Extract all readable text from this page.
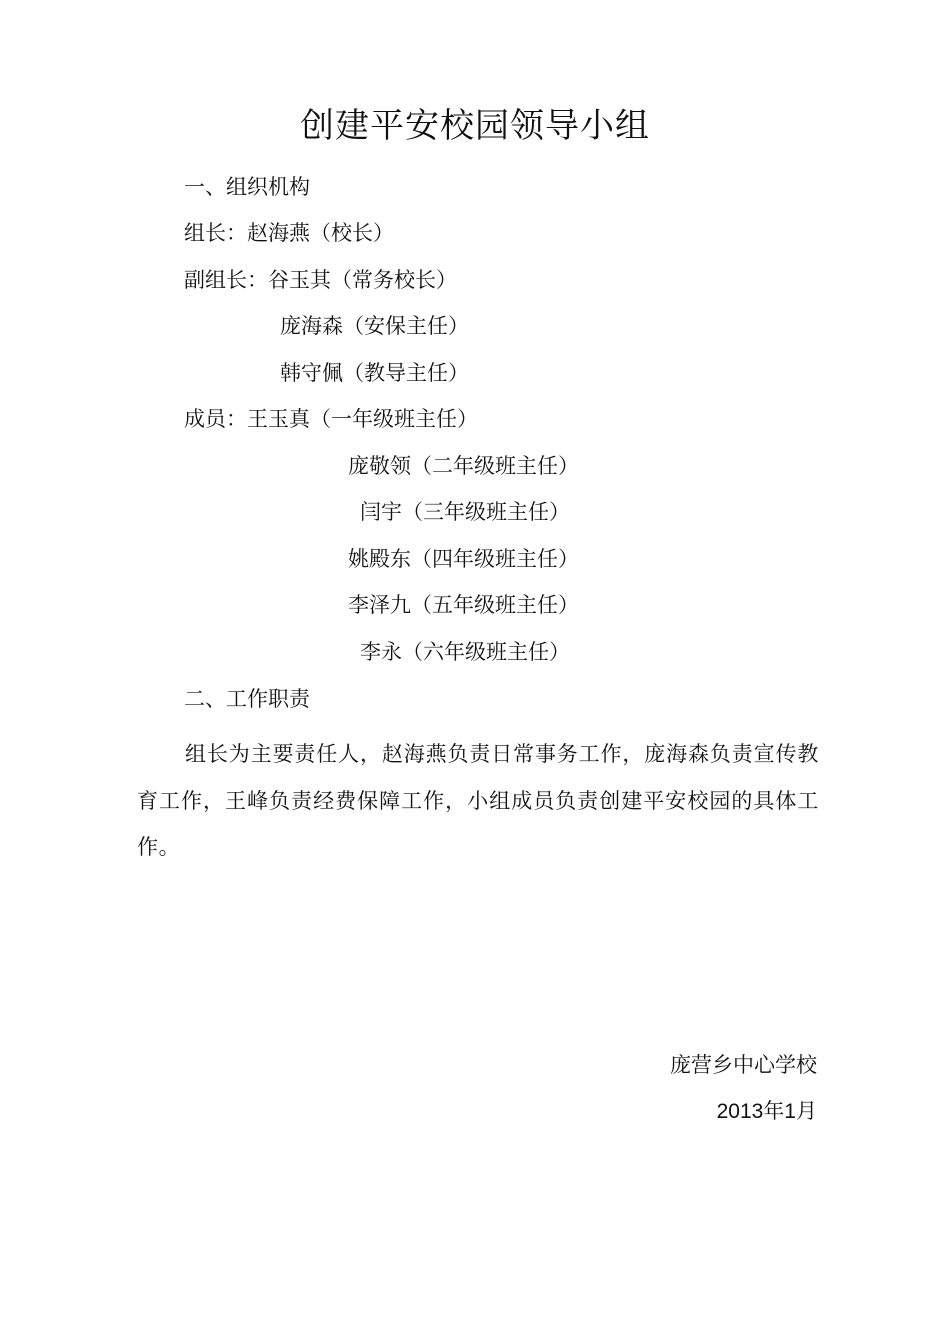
创建平安校园领导小组
一、组织机构
组长：赵海燕（校长）
副组长：谷玉其（常务校长）
庞海森（安保主任）
韩守佩（教导主任）
成员：王玉真（一年级班主任）
庞敬领（二年级班主任）
闫宇（三年级班主任）
姚殿东（四年级班主任）
李泽九（五年级班主任）
李永（六年级班主任）
二、工作职责
组长为主要责任人，赵海燕负责日常事务工作，庞海森负责宣传教育工作，王峰负责经费保障工作，小组成员负责创建平安校园的具体工作。
庞营乡中心学校
2013年1月
